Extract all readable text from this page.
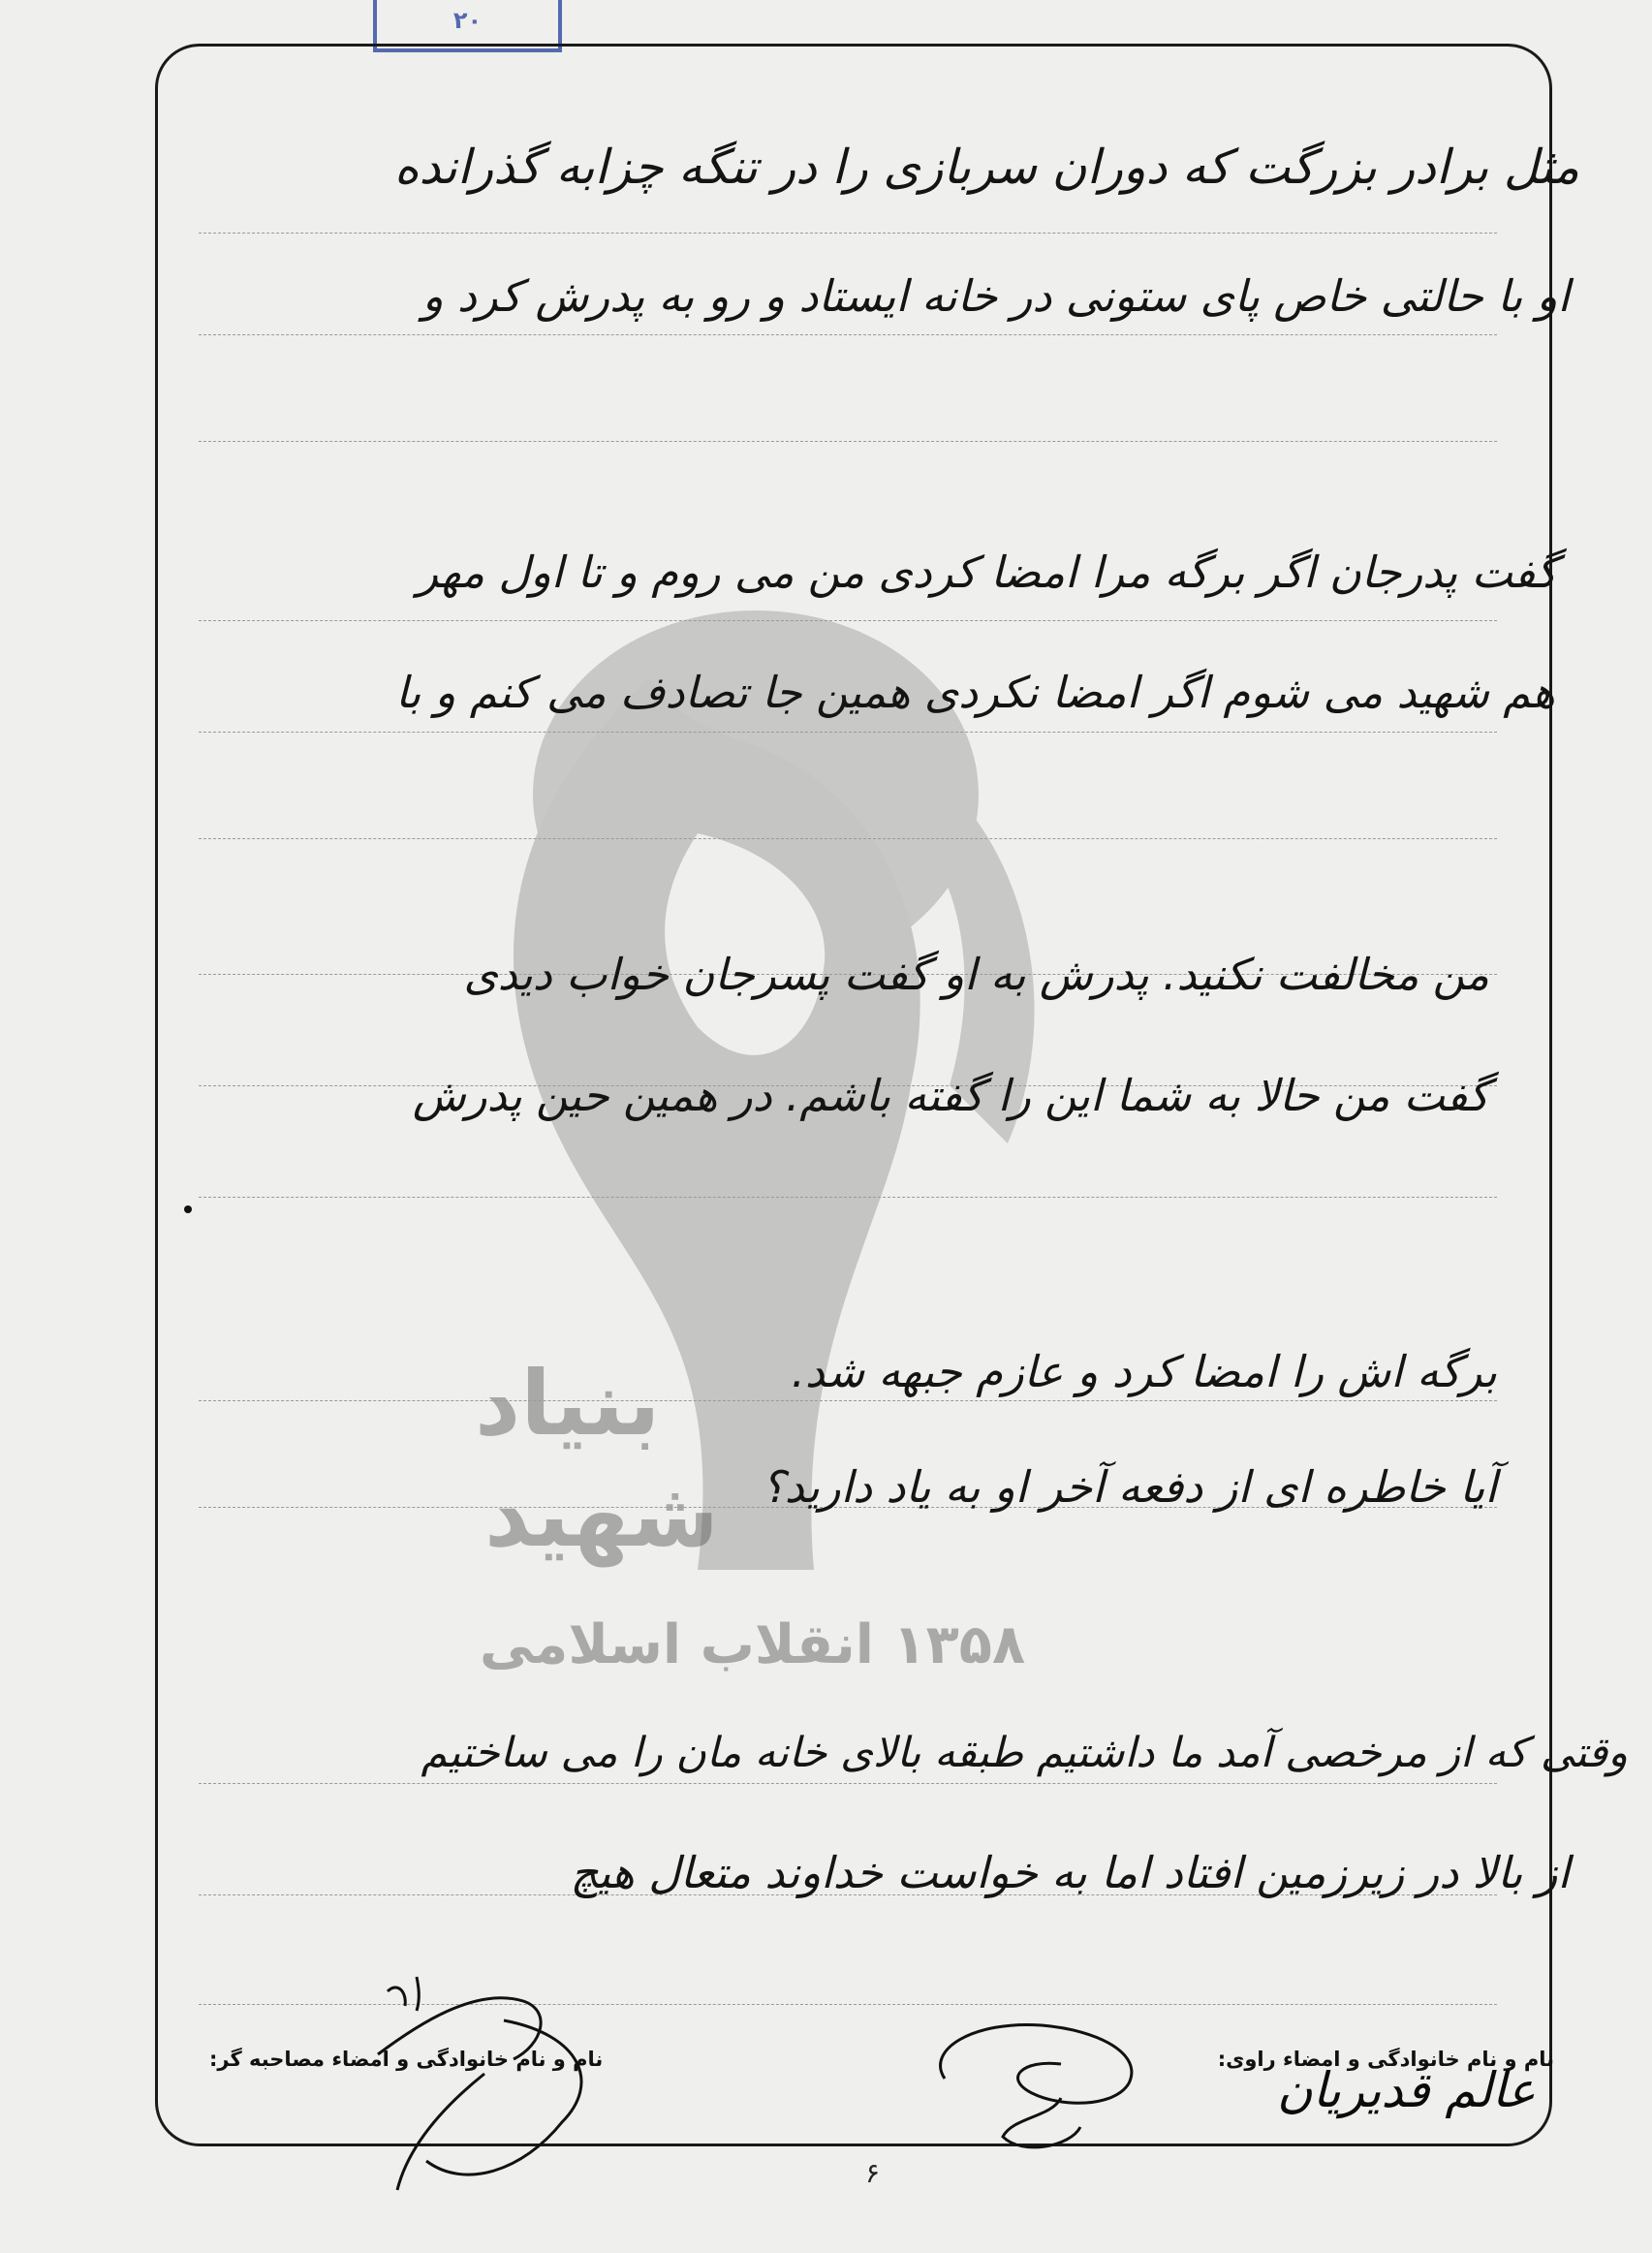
بنیاد
شهید
۱۳۵۸ انقلاب اسلامی
۲۰
مثل برادر بزرگت که دوران سربازی را در تنگه چزابه گذرانده
او با حالتی خاص پای ستونی در خانه ایستاد و رو به پدرش کرد و
گفت پدرجان اگر برگه مرا امضا کردی من می روم و تا اول مهر
هم شهید می شوم اگر امضا نکردی همین جا تصادف می کنم و با
من مخالفت نکنید. پدرش به او گفت پسرجان خواب دیدی
گفت من حالا به شما این را گفته باشم. در همین حین پدرش
برگه اش را امضا کرد و عازم جبهه شد.
آیا خاطره ای از دفعه آخر او به یاد دارید؟
وقتی که از مرخصی آمد ما داشتیم طبقه بالای خانه مان را می ساختیم
از بالا در زیرزمین افتاد اما به خواست خداوند متعال هیچ
نام و نام خانوادگی و امضاء راوی:
نام و نام خانوادگی و امضاء مصاحبه گر:
عالم قدیریان
۶
